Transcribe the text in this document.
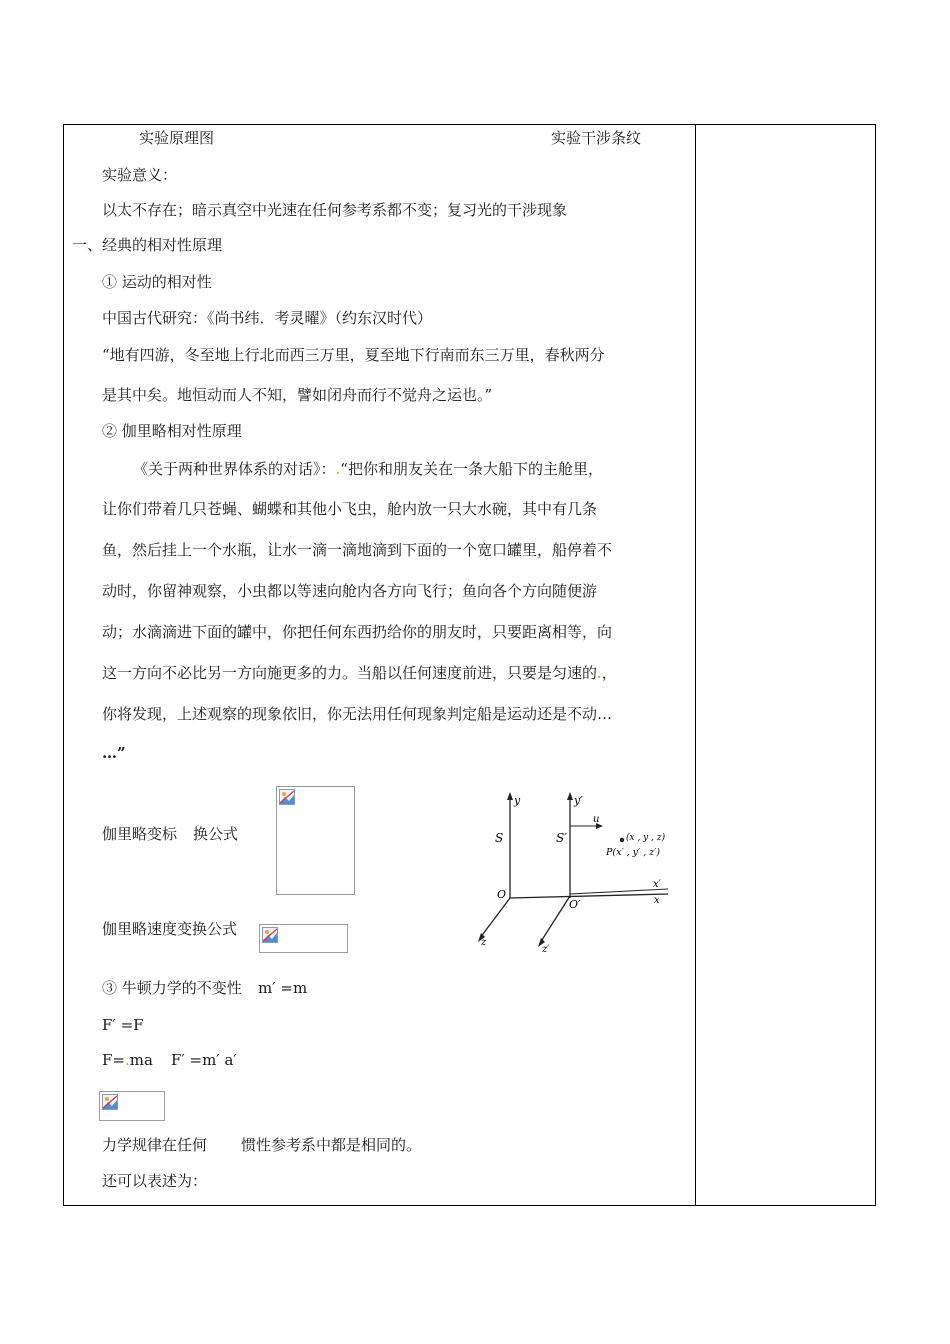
实验原理图	实验干涉条纹
实验意义：
以太不存在；暗示真空中光速在任何参考系都不变；复习光的干涉现象
一、经典的相对性原理
① 运动的相对性
中国古代研究：《尚书纬．考灵曜》（约东汉时代）
“地有四游，冬至地上行北而西三万里，夏至地下行南而东三万里，春秋两分
是其中矣。地恒动而人不知，譬如闭舟而行不觉舟之运也。”
② 伽里略相对性原理
《关于两种世界体系的对话》：.“把你和朋友关在一条大船下的主舱里，
让你们带着几只苍蝇、蝴蝶和其他小飞虫，舱内放一只大水碗，其中有几条
鱼，然后挂上一个水瓶，让水一滴一滴地滴到下面的一个宽口罐里，船停着不
动时，你留神观察，小虫都以等速向舱内各方向飞行；鱼向各个方向随便游
动；水滴滴进下面的罐中，你把任何东西扔给你的朋友时，只要距离相等，向
这一方向不必比另一方向施更多的力。当船以任何速度前进，只要是匀速的.，
你将发现，上述观察的现象依旧，你无法用任何现象判定船是运动还是不动…
…”
伽里略变标 换公式
伽里略速度变换公式
y	y′
S	S′
u
(x , y , z)
P(x′ , y′ , z′)
O
O′
x′
x
z
z′
③ 牛顿力学的不变性 m′ =m
F′ =F
F=.ma F′ =m′ a′
力学规律在任何 惯性参考系中都是相同的。
还可以表述为：
